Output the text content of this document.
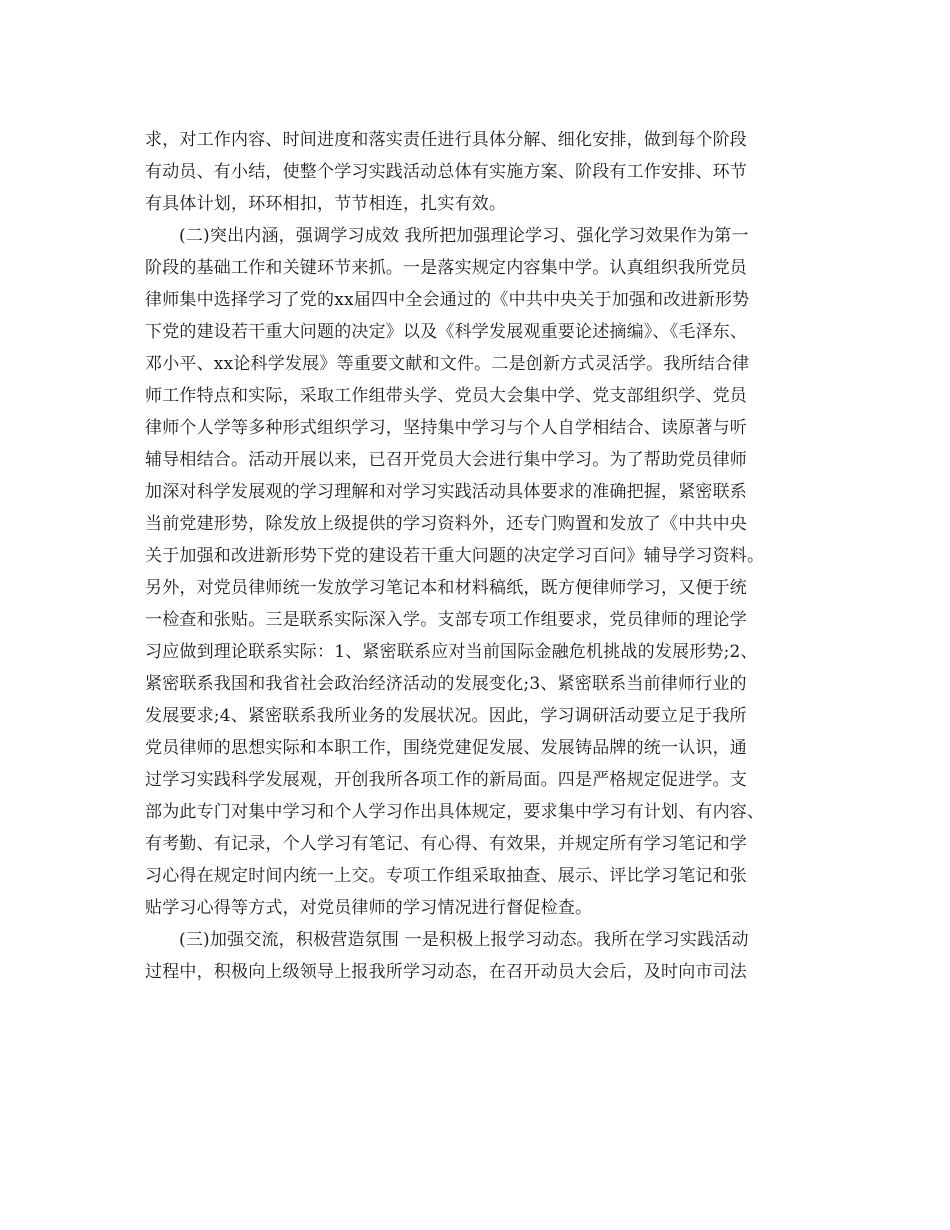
求，对工作内容、时间进度和落实责任进行具体分解、细化安排，做到每个阶段
有动员、有小结，使整个学习实践活动总体有实施方案、阶段有工作安排、环节
有具体计划，环环相扣，节节相连，扎实有效。
(二)突出内涵，强调学习成效 我所把加强理论学习、强化学习效果作为第一
阶段的基础工作和关键环节来抓。一是落实规定内容集中学。认真组织我所党员
律师集中选择学习了党的xx届四中全会通过的《中共中央关于加强和改进新形势
下党的建设若干重大问题的决定》以及《科学发展观重要论述摘编》、《毛泽东、
邓小平、xx论科学发展》等重要文献和文件。二是创新方式灵活学。我所结合律
师工作特点和实际，采取工作组带头学、党员大会集中学、党支部组织学、党员
律师个人学等多种形式组织学习，坚持集中学习与个人自学相结合、读原著与听
辅导相结合。活动开展以来，已召开党员大会进行集中学习。为了帮助党员律师
加深对科学发展观的学习理解和对学习实践活动具体要求的准确把握，紧密联系
当前党建形势，除发放上级提供的学习资料外，还专门购置和发放了《中共中央
关于加强和改进新形势下党的建设若干重大问题的决定学习百问》辅导学习资料。
另外，对党员律师统一发放学习笔记本和材料稿纸，既方便律师学习，又便于统
一检查和张贴。三是联系实际深入学。支部专项工作组要求，党员律师的理论学
习应做到理论联系实际：1、紧密联系应对当前国际金融危机挑战的发展形势;2、
紧密联系我国和我省社会政治经济活动的发展变化;3、紧密联系当前律师行业的
发展要求;4、紧密联系我所业务的发展状况。因此，学习调研活动要立足于我所
党员律师的思想实际和本职工作，围绕党建促发展、发展铸品牌的统一认识，通
过学习实践科学发展观，开创我所各项工作的新局面。四是严格规定促进学。支
部为此专门对集中学习和个人学习作出具体规定，要求集中学习有计划、有内容、
有考勤、有记录，个人学习有笔记、有心得、有效果，并规定所有学习笔记和学
习心得在规定时间内统一上交。专项工作组采取抽查、展示、评比学习笔记和张
贴学习心得等方式，对党员律师的学习情况进行督促检查。
(三)加强交流，积极营造氛围 一是积极上报学习动态。我所在学习实践活动
过程中，积极向上级领导上报我所学习动态，在召开动员大会后，及时向市司法
